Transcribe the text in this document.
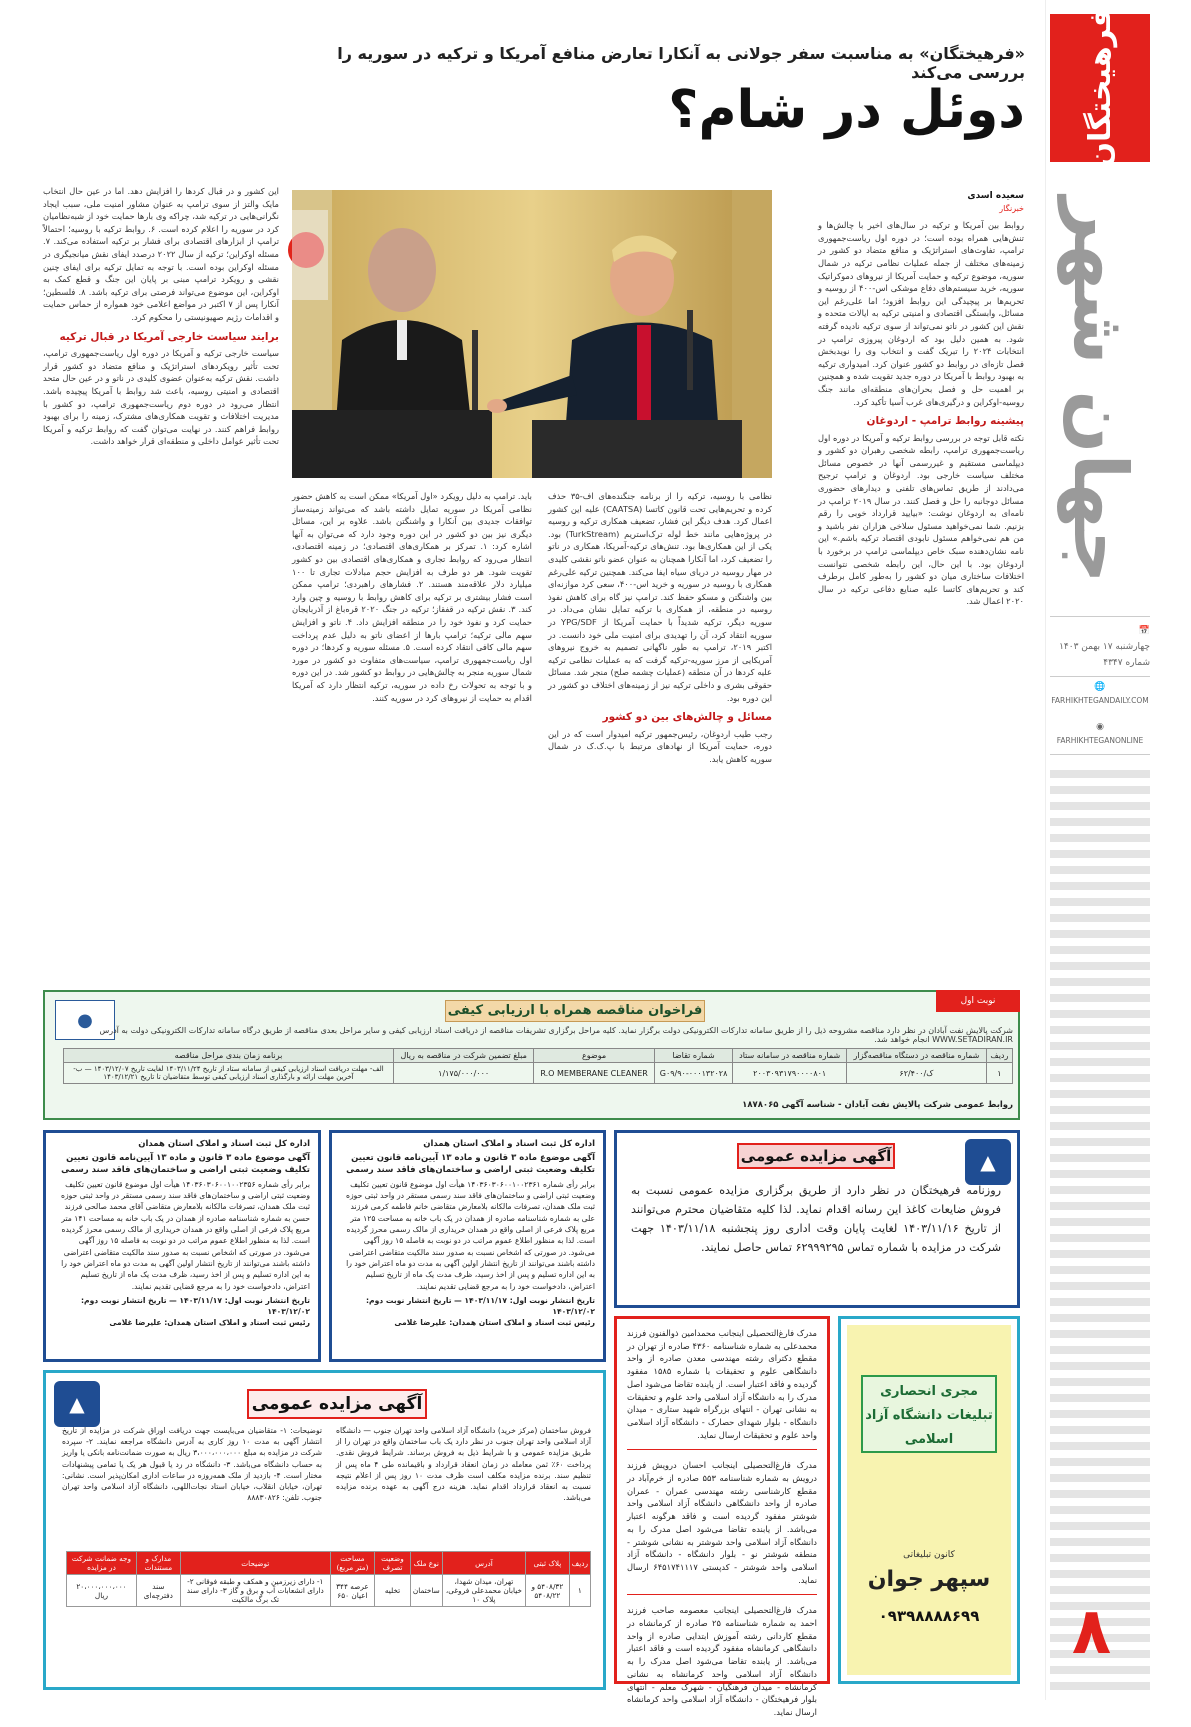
فرهیختگان
جهان شهر
📅
چهارشنبه ۱۷ بهمن ۱۴۰۳
شماره ۴۳۴۷
🌐
FARHIKHTEGANDAILY.COM
◉
FARHIKHTEGANONLINE
۸
«فرهیختگان» به مناسبت سفر جولانی به آنکارا تعارض منافع آمریکا و ترکیه در سوریه را بررسی می‌کند
دوئل در شام؟
سعیده اسدی
خبرنگار
روابط بین آمریکا و ترکیه در سال‌های اخیر با چالش‌ها و تنش‌هایی همراه بوده است؛ در دوره اول ریاست‌جمهوری ترامپ، تفاوت‌های استراتژیک و منافع متضاد دو کشور در زمینه‌های مختلف از جمله عملیات نظامی ترکیه در شمال سوریه، موضوع ترکیه و حمایت آمریکا از نیروهای دموکراتیک سوریه، خرید سیستم‌های دفاع موشکی اس-۴۰۰ از روسیه و تحریم‌ها بر پیچیدگی این روابط افزود؛ اما علی‌رغم این مسائل، وابستگی اقتصادی و امنیتی ترکیه به ایالات متحده و نقش این کشور در ناتو نمی‌تواند از سوی ترکیه نادیده گرفته شود. به همین دلیل بود که اردوغان پیروزی ترامپ در انتخابات ۲۰۲۴ را تبریک گفت و انتخاب وی را نویدبخش فصل تازه‌ای در روابط دو کشور عنوان کرد. امیدواری ترکیه به بهبود روابط با آمریکا در دوره جدید تقویت شده و همچنین بر اهمیت حل و فصل بحران‌های منطقه‌ای مانند جنگ روسیه-اوکراین و درگیری‌های غرب آسیا تأکید کرد.
پیشینه روابط ترامپ - اردوغان
نکته قابل توجه در بررسی روابط ترکیه و آمریکا در دوره اول ریاست‌جمهوری ترامپ، رابطه شخصی رهبران دو کشور و دیپلماسی مستقیم و غیررسمی آنها در خصوص مسائل مختلف سیاست خارجی بود. اردوغان و ترامپ ترجیح می‌دادند از طریق تماس‌های تلفنی و دیدارهای حضوری مسائل دوجانبه را حل و فصل کنند. در سال ۲۰۱۹ ترامپ در نامه‌ای به اردوغان نوشت: «بیایید قرارداد خوبی را رقم بزنیم. شما نمی‌خواهید مسئول سلاخی هزاران نفر باشید و من هم نمی‌خواهم مسئول نابودی اقتصاد ترکیه باشم.» این نامه نشان‌دهنده سبک خاص دیپلماسی ترامپ در برخورد با اردوغان بود. با این حال، این رابطه شخصی نتوانست اختلافات ساختاری میان دو کشور را به‌طور کامل برطرف کند و تحریم‌های کاتسا علیه صنایع دفاعی ترکیه در سال ۲۰۲۰ اعمال شد.
نظامی با روسیه، ترکیه را از برنامه جنگنده‌های اف-۳۵ حذف کرده و تحریم‌هایی تحت قانون کاتسا (CAATSA) علیه این کشور اعمال کرد. هدف دیگر این فشار، تضعیف همکاری ترکیه و روسیه در پروژه‌هایی مانند خط لوله ترک‌استریم (TurkStream) بود. یکی از این همکاری‌ها بود. تنش‌های ترکیه-آمریکا، همکاری در ناتو را تضعیف کرد، اما آنکارا همچنان به عنوان عضو ناتو نقشی کلیدی در مهار روسیه در دریای سیاه ایفا می‌کند. همچنین ترکیه علی‌رغم همکاری با روسیه در سوریه و خرید اس-۴۰۰، سعی کرد موازنه‌ای بین واشنگتن و مسکو حفظ کند. ترامپ نیز گاه برای کاهش نفوذ روسیه در منطقه، از همکاری با ترکیه تمایل نشان می‌داد. در سوریه دیگر، ترکیه شدیداً با حمایت آمریکا از YPG/SDF در سوریه انتقاد کرد، آن را تهدیدی برای امنیت ملی خود دانست. در اکتبر ۲۰۱۹، ترامپ به طور ناگهانی تصمیم به خروج نیروهای آمریکایی از مرز سوریه-ترکیه گرفت که به عملیات نظامی ترکیه علیه کردها در آن منطقه (عملیات چشمه صلح) منجر شد. مسائل حقوقی بشری و داخلی ترکیه نیز از زمینه‌های اختلاف دو کشور در این دوره بود.
مسائل و چالش‌های بین دو کشور
رجب طیب اردوغان، رئیس‌جمهور ترکیه امیدوار است که در این دوره، حمایت آمریکا از نهادهای مرتبط با پ.ک.ک در شمال سوریه کاهش یابد.
باید. ترامپ به دلیل رویکرد «اول آمریکا» ممکن است به کاهش حضور نظامی آمریکا در سوریه تمایل داشته باشد که می‌تواند زمینه‌ساز توافقات جدیدی بین آنکارا و واشنگتن باشد. علاوه بر این، مسائل دیگری نیز بین دو کشور در این دوره وجود دارد که می‌توان به آنها اشاره کرد: ۱. تمرکز بر همکاری‌های اقتصادی؛ در زمینه اقتصادی، انتظار می‌رود که روابط تجاری و همکاری‌های اقتصادی بین دو کشور تقویت شود. هر دو طرف به افزایش حجم مبادلات تجاری تا ۱۰۰ میلیارد دلار علاقه‌مند هستند. ۲. فشارهای راهبردی؛ ترامپ ممکن است فشار بیشتری بر ترکیه برای کاهش روابط با روسیه و چین وارد کند. ۳. نقش ترکیه در قفقاز؛ ترکیه در جنگ ۲۰۲۰ قره‌باغ از آذربایجان حمایت کرد و نفوذ خود را در منطقه افزایش داد. ۴. ناتو و افزایش سهم مالی ترکیه؛ ترامپ بارها از اعضای ناتو به دلیل عدم پرداخت سهم مالی کافی انتقاد کرده است. ۵. مسئله سوریه و کردها؛ در دوره اول ریاست‌جمهوری ترامپ، سیاست‌های متفاوت دو کشور در مورد شمال سوریه منجر به چالش‌هایی در روابط دو کشور شد. در این دوره و با توجه به تحولات رخ داده در سوریه، ترکیه انتظار دارد که آمریکا اقدام به حمایت از نیروهای کرد در سوریه کنند.
این کشور و در قبال کردها را افزایش دهد. اما در عین حال انتخاب مایک والتز از سوی ترامپ به عنوان مشاور امنیت ملی، سبب ایجاد نگرانی‌هایی در ترکیه شد، چراکه وی بارها حمایت خود از شبه‌نظامیان کرد در سوریه را اعلام کرده است. ۶. روابط ترکیه با روسیه؛ احتمالاً ترامپ از ابزارهای اقتصادی برای فشار بر ترکیه استفاده می‌کند. ۷. مسئله اوکراین؛ ترکیه از سال ۲۰۲۲ درصدد ایفای نقش میانجیگری در مسئله اوکراین بوده است. با توجه به تمایل ترکیه برای ایفای چنین نقشی و رویکرد ترامپ مبنی بر پایان این جنگ و قطع کمک به اوکراین، این موضوع می‌تواند فرصتی برای ترکیه باشد. ۸. فلسطین؛ آنکارا پس از ۷ اکتبر در مواضع اعلامی خود همواره از حماس حمایت و اقدامات رژیم صهیونیستی را محکوم کرد.
برایند سیاست خارجی آمریکا در قبال ترکیه
سیاست خارجی ترکیه و آمریکا در دوره اول ریاست‌جمهوری ترامپ، تحت تأثیر رویکردهای استراتژیک و منافع متضاد دو کشور قرار داشت. نقش ترکیه به‌عنوان عضوی کلیدی در ناتو و در عین حال متحد اقتصادی و امنیتی روسیه، باعث شد روابط با آمریکا پیچیده باشد. انتظار می‌رود در دوره دوم ریاست‌جمهوری ترامپ، دو کشور با مدیریت اختلافات و تقویت همکاری‌های مشترک، زمینه را برای بهبود روابط فراهم کنند. در نهایت می‌توان گفت که روابط ترکیه و آمریکا تحت تأثیر عوامل داخلی و منطقه‌ای قرار خواهد داشت.
نوبت اول
فراخوان مناقصه همراه با ارزیابی کیفی
● شرکت پالایش نفت آبادان در نظر دارد مناقصه مشروحه ذیل را از طریق سامانه تدارکات الکترونیکی دولت برگزار نماید. کلیه مراحل برگزاری تشریفات مناقصه از دریافت اسناد ارزیابی کیفی و سایر مراحل بعدی مناقصه از طریق درگاه سامانه تدارکات الکترونیکی دولت به آدرس WWW.SETADIRAN.IR انجام خواهد شد.
ردیف	شماره مناقصه در دستگاه مناقصه‌گزار	شماره مناقصه در سامانه ستاد	شماره تقاضا	موضوع	مبلغ تضمین شرکت در مناقصه به ریال	برنامه زمان بندی مراحل مناقصه
۱	ک/۶۲/۴۰۰	۲۰۰۳۰۹۳۱۷۹۰۰۰۰۸۰۱	۹۰-۰۰۰۱۳۲۰۲۸/G۰۹	R.O MEMBERANE CLEANER	۱/۱۷۵/۰۰۰/۰۰۰	الف- مهلت دریافت اسناد ارزیابی کیفی از سامانه ستاد از تاریخ ۱۴۰۳/۱۱/۲۴ لغایت تاریخ ۱۴۰۳/۱۲/۰۷ — ب- آخرین مهلت ارائه و بارگذاری اسناد ارزیابی کیفی توسط متقاضیان تا تاریخ ۱۴۰۳/۱۲/۲۱
روابط عمومی شرکت پالایش نفت آبادان - شناسه آگهی ۱۸۷۸۰۶۵
اداره کل ثبت اسناد و املاک استان همدان
آگهی موضوع ماده ۳ قانون و ماده ۱۳ آیین‌نامه قانون تعیین تکلیف وضعیت ثبتی اراضی و ساختمان‌های فاقد سند رسمی
برابر رأی شماره ۱۴۰۳۶۰۳۰۶۰۰۱۰۰۲۳۶۱ هیأت اول موضوع قانون تعیین تکلیف وضعیت ثبتی اراضی و ساختمان‌های فاقد سند رسمی مستقر در واحد ثبتی حوزه ثبت ملک همدان، تصرفات مالکانه بلامعارض متقاضی خانم فاطمه کرمی فرزند علی به شماره شناسنامه صادره از همدان در یک باب خانه به مساحت ۱۲۵ متر مربع پلاک فرعی از اصلی واقع در همدان خریداری از مالک رسمی محرز گردیده است. لذا به منظور اطلاع عموم مراتب در دو نوبت به فاصله ۱۵ روز آگهی می‌شود. در صورتی که اشخاص نسبت به صدور سند مالکیت متقاضی اعتراضی داشته باشند می‌توانند از تاریخ انتشار اولین آگهی به مدت دو ماه اعتراض خود را به این اداره تسلیم و پس از اخذ رسید، ظرف مدت یک ماه از تاریخ تسلیم اعتراض، دادخواست خود را به مرجع قضایی تقدیم نمایند.
تاریخ انتشار نوبت اول: ۱۴۰۳/۱۱/۱۷ — تاریخ انتشار نوبت دوم: ۱۴۰۳/۱۲/۰۲
رئیس ثبت اسناد و املاک استان همدان: علیرضا غلامی
اداره کل ثبت اسناد و املاک استان همدان
آگهی موضوع ماده ۳ قانون و ماده ۱۳ آیین‌نامه قانون تعیین تکلیف وضعیت ثبتی اراضی و ساختمان‌های فاقد سند رسمی
برابر رأی شماره ۱۴۰۳۶۰۳۰۶۰۰۱۰۰۲۳۵۶ هیأت اول موضوع قانون تعیین تکلیف وضعیت ثبتی اراضی و ساختمان‌های فاقد سند رسمی مستقر در واحد ثبتی حوزه ثبت ملک همدان، تصرفات مالکانه بلامعارض متقاضی آقای محمد صالحی فرزند حسن به شماره شناسنامه صادره از همدان در یک باب خانه به مساحت ۱۴۱ متر مربع پلاک فرعی از اصلی واقع در همدان خریداری از مالک رسمی محرز گردیده است. لذا به منظور اطلاع عموم مراتب در دو نوبت به فاصله ۱۵ روز آگهی می‌شود. در صورتی که اشخاص نسبت به صدور سند مالکیت متقاضی اعتراضی داشته باشند می‌توانند از تاریخ انتشار اولین آگهی به مدت دو ماه اعتراض خود را به این اداره تسلیم و پس از اخذ رسید، ظرف مدت یک ماه از تاریخ تسلیم اعتراض، دادخواست خود را به مرجع قضایی تقدیم نمایند.
تاریخ انتشار نوبت اول: ۱۴۰۳/۱۱/۱۷ — تاریخ انتشار نوبت دوم: ۱۴۰۳/۱۲/۰۲
رئیس ثبت اسناد و املاک استان همدان: علیرضا غلامی
▲
آگهی مزایده عمومی
روزنامه فرهیختگان در نظر دارد از طریق برگزاری مزایده عمومی نسبت به فروش ضایعات کاغذ این رسانه اقدام نماید. لذا کلیه متقاضیان محترم می‌توانند از تاریخ ۱۴۰۳/۱۱/۱۶ لغایت پایان وقت اداری روز پنجشنبه ۱۴۰۳/۱۱/۱۸ جهت شرکت در مزایده با شماره تماس ۶۲۹۹۹۲۹۵ تماس حاصل نمایند.

مدرک فارغ‌التحصیلی اینجانب محمدامین ذوالفنون فرزند محمدعلی به شماره شناسنامه ۴۳۶۰ صادره از تهران در مقطع دکترای رشته مهندسی معدن صادره از واحد دانشگاهی علوم و تحقیقات با شماره ۱۵۸۵ مفقود گردیده و فاقد اعتبار است. از یابنده تقاضا می‌شود اصل مدرک را به دانشگاه آزاد اسلامی واحد علوم و تحقیقات به نشانی تهران - انتهای بزرگراه شهید ستاری - میدان دانشگاه - بلوار شهدای حصارک - دانشگاه آزاد اسلامی واحد علوم و تحقیقات ارسال نماید.

مدرک فارغ‌التحصیلی اینجانب احسان درویش فرزند درویش به شماره شناسنامه ۵۵۳ صادره از خرم‌آباد در مقطع کارشناسی رشته مهندسی عمران - عمران صادره از واحد دانشگاهی دانشگاه آزاد اسلامی واحد شوشتر مفقود گردیده است و فاقد هرگونه اعتبار می‌باشد. از یابنده تقاضا می‌شود اصل مدرک را به دانشگاه آزاد اسلامی واحد شوشتر به نشانی شوشتر - منطقه شوشتر نو - بلوار دانشگاه - دانشگاه آزاد اسلامی واحد شوشتر - کدپستی ۶۴۵۱۷۴۱۱۱۷ ارسال نماید.

مدرک فارغ‌التحصیلی اینجانب معصومه صاحب فرزند احمد به شماره شناسنامه ۲۵ صادره از کرمانشاه در مقطع کاردانی رشته آموزش ابتدایی صادره از واحد دانشگاهی کرمانشاه مفقود گردیده است و فاقد اعتبار می‌باشد. از یابنده تقاضا می‌شود اصل مدرک را به دانشگاه آزاد اسلامی واحد کرمانشاه به نشانی کرمانشاه - میدان فرهنگیان - شهرک معلم - انتهای بلوار فرهیختگان - دانشگاه آزاد اسلامی واحد کرمانشاه ارسال نماید.

مجری انحصاری تبلیغات دانشگاه آزاد اسلامی
کانون تبلیغاتی
سپهر جوان
۰۹۳۹۸۸۸۸۶۹۹
▲	آگهی مزایده عمومی
فروش ساختمان (مرکز خرید) دانشگاه آزاد اسلامی واحد تهران جنوب — دانشگاه آزاد اسلامی واحد تهران جنوب در نظر دارد یک باب ساختمان واقع در تهران را از طریق مزایده عمومی و با شرایط ذیل به فروش برساند. شرایط فروش نقدی. پرداخت ۶۰٪ ثمن معامله در زمان انعقاد قرارداد و باقیمانده طی ۴ ماه پس از تنظیم سند. برنده مزایده مکلف است ظرف مدت ۱۰ روز پس از اعلام نتیجه نسبت به انعقاد قرارداد اقدام نماید. هزینه درج آگهی به عهده برنده مزایده می‌باشد.
توضیحات: ۱- متقاضیان می‌بایست جهت دریافت اوراق شرکت در مزایده از تاریخ انتشار آگهی به مدت ۱۰ روز کاری به آدرس دانشگاه مراجعه نمایند. ۲- سپرده شرکت در مزایده به مبلغ ۳،۰۰۰،۰۰۰،۰۰۰ ریال به صورت ضمانت‌نامه بانکی یا واریز به حساب دانشگاه می‌باشد. ۳- دانشگاه در رد یا قبول هر یک یا تمامی پیشنهادات مختار است. ۴- بازدید از ملک همه‌روزه در ساعات اداری امکان‌پذیر است. نشانی: تهران، خیابان انقلاب، خیابان استاد نجات‌اللهی، دانشگاه آزاد اسلامی واحد تهران جنوب. تلفن: ۸۸۸۳۰۸۲۶
ردیف	پلاک ثبتی	آدرس	نوع ملک	وضعیت تصرف	مساحت (متر مربع)	توضیحات	مدارک و مستندات	وجه ضمانت شرکت در مزایده
۱	۵۴۰۸/۳۲ و ۵۴۰۸/۲۲	تهران، میدان شهدا، خیابان محمدعلی فروغی، پلاک ۱۰	ساختمان	تخلیه	عرصه ۳۴۴ اعیان ۶۵۰	۱- دارای زیرزمین و همکف و طبقه فوقانی ۲- دارای انشعابات آب و برق و گاز ۳- دارای سند تک برگ مالکیت	سند دفترچه‌ای	۲۰،۰۰۰،۰۰۰،۰۰۰ ریال
